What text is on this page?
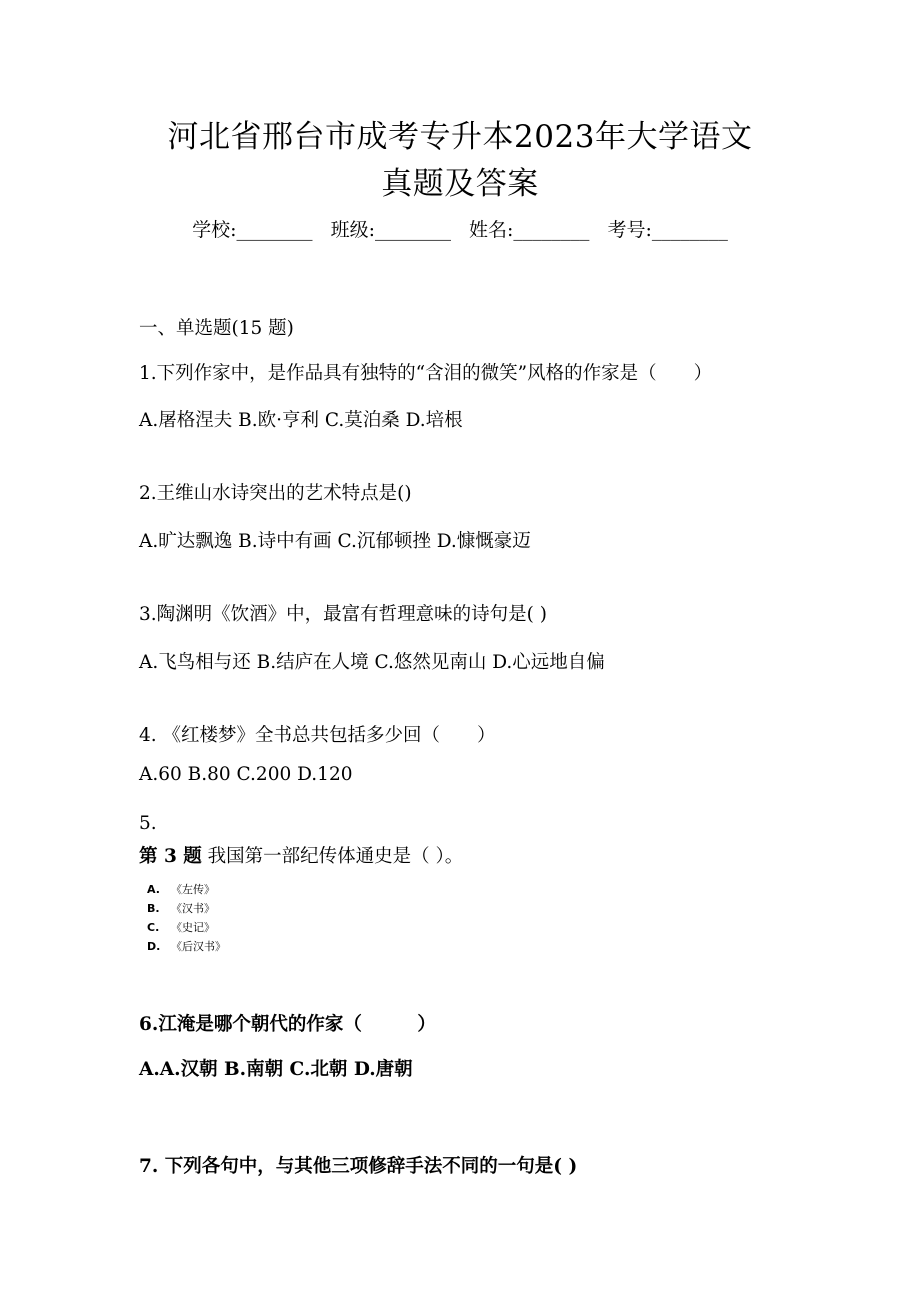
河北省邢台市成考专升本2023年大学语文
真题及答案
学校:________ 班级:________ 姓名:________ 考号:________
一、单选题(15 题)
1.下列作家中，是作品具有独特的“含泪的微笑”风格的作家是（　　）
A.屠格涅夫 B.欧·亨利 C.莫泊桑 D.培根
2.王维山水诗突出的艺术特点是()
A.旷达飘逸 B.诗中有画 C.沉郁顿挫 D.慷慨豪迈
3.陶渊明《饮酒》中，最富有哲理意味的诗句是( )
A.飞鸟相与还 B.结庐在人境 C.悠然见南山 D.心远地自偏
4. 《红楼梦》全书总共包括多少回（　　）
A.60 B.80 C.200 D.120
5.
第 3 题 我国第一部纪传体通史是（ ）。
A. 《左传》
B. 《汉书》
C. 《史记》
D. 《后汉书》
6.江淹是哪个朝代的作家（　　　）
A.A.汉朝 B.南朝 C.北朝 D.唐朝
7. 下列各句中，与其他三项修辞手法不同的一句是( )
